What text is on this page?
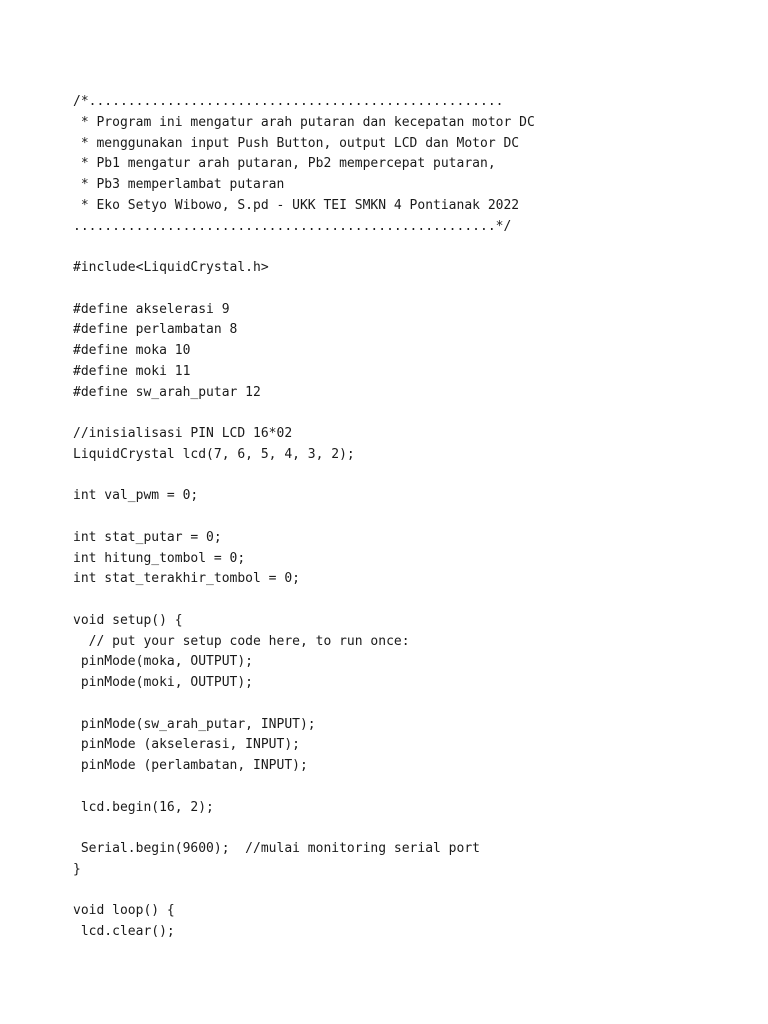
/*.....................................................
* Program ini mengatur arah putaran dan kecepatan motor DC
* menggunakan input Push Button, output LCD dan Motor DC
* Pb1 mengatur arah putaran, Pb2 mempercepat putaran,
* Pb3 memperlambat putaran
* Eko Setyo Wibowo, S.pd - UKK TEI SMKN 4 Pontianak 2022
......................................................*/
#include<LiquidCrystal.h>
#define akselerasi 9
#define perlambatan 8
#define moka 10
#define moki 11
#define sw_arah_putar 12
//inisialisasi PIN LCD 16*02
LiquidCrystal lcd(7, 6, 5, 4, 3, 2);
int val_pwm = 0;
int stat_putar = 0;
int hitung_tombol = 0;
int stat_terakhir_tombol = 0;
void setup() {
// put your setup code here, to run once:
pinMode(moka, OUTPUT);
pinMode(moki, OUTPUT);
pinMode(sw_arah_putar, INPUT);
pinMode (akselerasi, INPUT);
pinMode (perlambatan, INPUT);
lcd.begin(16, 2);
Serial.begin(9600);  //mulai monitoring serial port
}
void loop() {
lcd.clear();
